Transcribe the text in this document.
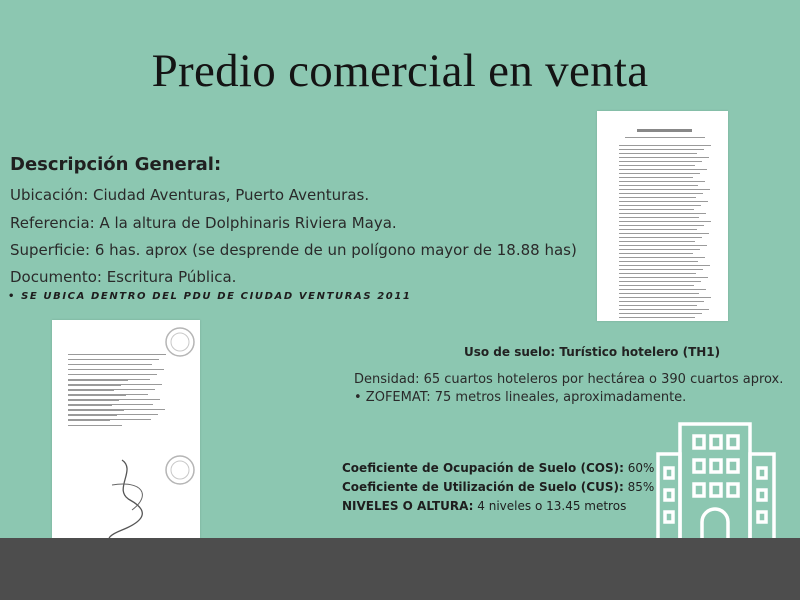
Predio comercial en venta
Descripción General:
Ubicación: Ciudad Aventuras, Puerto Aventuras.
Referencia: A la altura de Dolphinaris Riviera Maya.
Superficie: 6 has. aprox (se desprende de un polígono mayor de 18.88 has)
Documento: Escritura Pública.
• SE UBICA DENTRO DEL PDU DE CIUDAD VENTURAS 2011
Uso de suelo: Turístico hotelero (TH1)
Densidad: 65 cuartos hoteleros por hectárea o 390 cuartos aprox.
• ZOFEMAT: 75 metros lineales, aproximadamente.
Coeficiente de Ocupación de Suelo (COS): 60%
Coeficiente de Utilización de Suelo (CUS): 85%
NIVELES O ALTURA: 4 niveles o 13.45 metros
